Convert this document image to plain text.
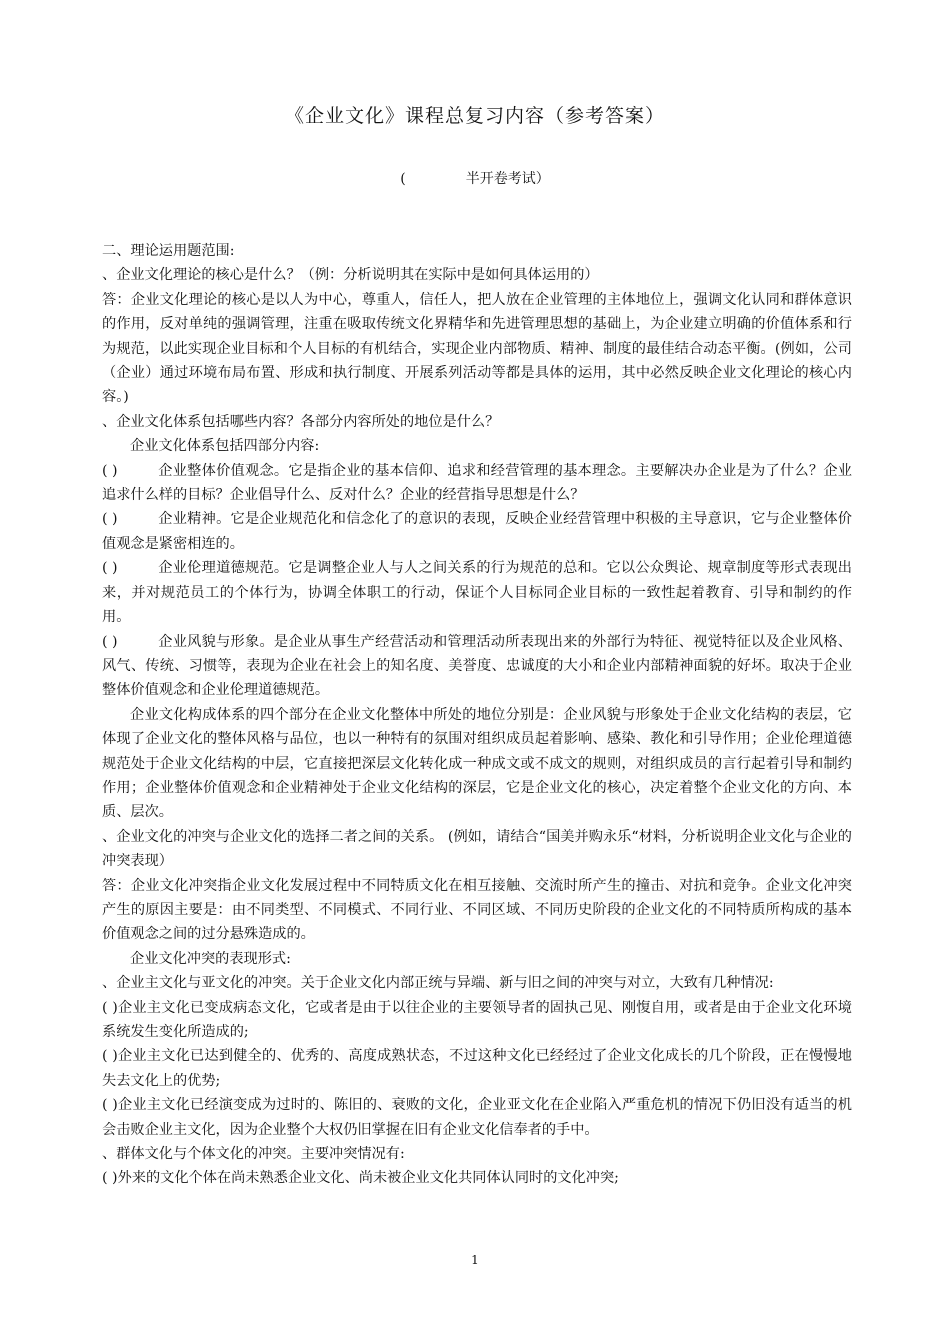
《企业文化》课程总复习内容（参考答案）
(	半开卷考试）

二、理论运用题范围:

、企业文化理论的核心是什么？（例：分析说明其在实际中是如何具体运用的）

答：企业文化理论的核心是以人为中心，尊重人，信任人，把人放在企业管理的主体地位上，强调文化认同和群体意识的作用，反对单纯的强调管理，注重在吸取传统文化界精华和先进管理思想的基础上，为企业建立明确的价值体系和行为规范，以此实现企业目标和个人目标的有机结合，实现企业内部物质、精神、制度的最佳结合动态平衡。(例如，公司（企业）通过环境布局布置、形成和执行制度、开展系列活动等都是具体的运用，其中必然反映企业文化理论的核心内容。)

、企业文化体系包括哪些内容？各部分内容所处的地位是什么？

企业文化体系包括四部分内容:

( )	企业整体价值观念。它是指企业的基本信仰、追求和经营管理的基本理念。主要解决办企业是为了什么？企业追求什么样的目标？企业倡导什么、反对什么？企业的经营指导思想是什么？

( )	企业精神。它是企业规范化和信念化了的意识的表现，反映企业经营管理中积极的主导意识，它与企业整体价值观念是紧密相连的。

( )	企业伦理道德规范。它是调整企业人与人之间关系的行为规范的总和。它以公众舆论、规章制度等形式表现出来，并对规范员工的个体行为，协调全体职工的行动，保证个人目标同企业目标的一致性起着教育、引导和制约的作用。

( )	企业风貌与形象。是企业从事生产经营活动和管理活动所表现出来的外部行为特征、视觉特征以及企业风格、风气、传统、习惯等，表现为企业在社会上的知名度、美誉度、忠诚度的大小和企业内部精神面貌的好坏。取决于企业整体价值观念和企业伦理道德规范。

企业文化构成体系的四个部分在企业文化整体中所处的地位分别是：企业风貌与形象处于企业文化结构的表层，它体现了企业文化的整体风格与品位，也以一种特有的氛围对组织成员起着影响、感染、教化和引导作用；企业伦理道德规范处于企业文化结构的中层，它直接把深层文化转化成一种成文或不成文的规则，对组织成员的言行起着引导和制约作用；企业整体价值观念和企业精神处于企业文化结构的深层，它是企业文化的核心，决定着整个企业文化的方向、本质、层次。

、企业文化的冲突与企业文化的选择二者之间的关系。 (例如，请结合“国美并购永乐“材料，分析说明企业文化与企业的冲突表现）

答：企业文化冲突指企业文化发展过程中不同特质文化在相互接触、交流时所产生的撞击、对抗和竞争。企业文化冲突产生的原因主要是：由不同类型、不同模式、不同行业、不同区域、不同历史阶段的企业文化的不同特质所构成的基本价值观念之间的过分悬殊造成的。

企业文化冲突的表现形式:

、企业主文化与亚文化的冲突。关于企业文化内部正统与异端、新与旧之间的冲突与对立，大致有几种情况:

( )企业主文化已变成病态文化，它或者是由于以往企业的主要领导者的固执己见、刚愎自用，或者是由于企业文化环境系统发生变化所造成的;

( )企业主文化已达到健全的、优秀的、高度成熟状态，不过这种文化已经经过了企业文化成长的几个阶段，正在慢慢地失去文化上的优势;

( )企业主文化已经演变成为过时的、陈旧的、衰败的文化，企业亚文化在企业陷入严重危机的情况下仍旧没有适当的机会击败企业主文化，因为企业整个大权仍旧掌握在旧有企业文化信奉者的手中。

、群体文化与个体文化的冲突。主要冲突情况有:

( )外来的文化个体在尚未熟悉企业文化、尚未被企业文化共同体认同时的文化冲突;

1
